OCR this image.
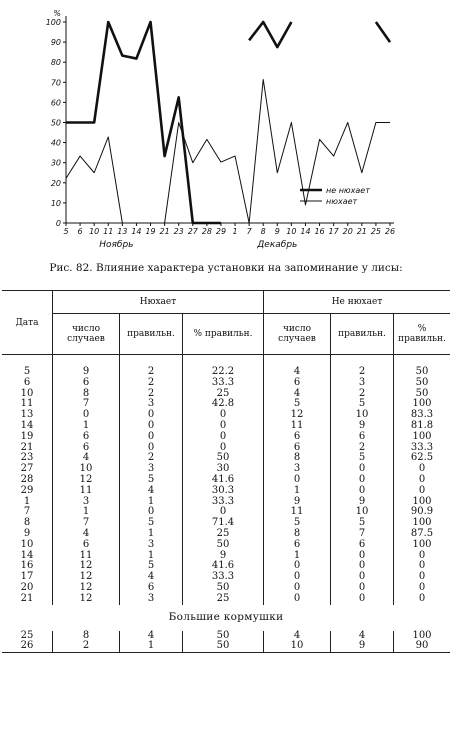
0
10
20
30
40
50
60
70
80
90
100
%
5 6 10 11 13 14 19 21 23 27 28 29 1 7 8 9 10 14 16 17 20 21 25 26
Ноябрь	Декабрь
не нюхает
нюхает
Рис. 82. Влияние характера установки на запоминание у лисы:
Дата	Нюхает			Не нюхает		
	число случаев	правильн.	% правильн.	число случаев	правильн.	% правильн.

5	9	2	22.2	4	2	50
6	6	2	33.3	6	3	50
10	8	2	25	4	2	50
11	7	3	42.8	5	5	100
13	0	0	0	12	10	83.3
14	1	0	0	11	9	81.8
19	6	0	0	6	6	100
21	6	0	0	6	2	33.3
23	4	2	50	8	5	62.5
27	10	3	30	3	0	0
28	12	5	41.6	0	0	0
29	11	4	30.3	1	0	0
1	3	1	33.3	9	9	100
7	1	0	0	11	10	90.9
8	7	5	71.4	5	5	100
9	4	1	25	8	7	87.5
10	6	3	50	6	6	100
14	11	1	9	1	0	0
16	12	5	41.6	0	0	0
17	12	4	33.3	0	0	0
20	12	6	50	0	0	0
21	12	3	25	0	0	0
Большие кормушки						
25	8	4	50	4	4	100
26	2	1	50	10	9	90
